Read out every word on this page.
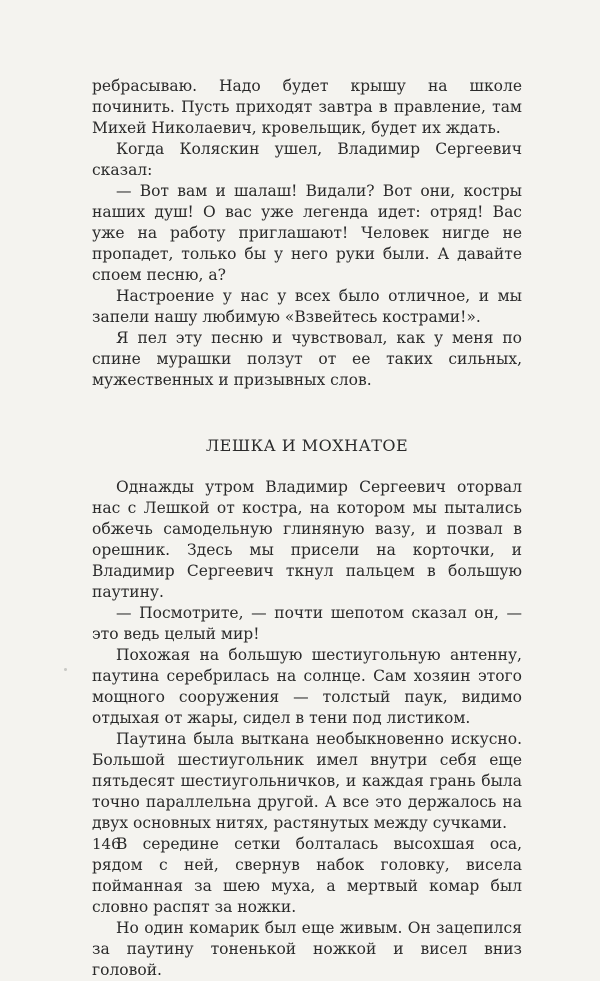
ребрасываю. Надо будет крышу на школе починить. Пусть приходят завтра в правление, там Михей Николаевич, кровельщик, будет их ждать.

Когда Коляскин ушел, Владимир Сергеевич сказал:

— Вот вам и шалаш! Видали? Вот они, костры наших душ! О вас уже легенда идет: отряд! Вас уже на работу приглашают! Человек нигде не пропадет, только бы у него руки были. А давайте споем песню, а?

Настроение у нас у всех было отличное, и мы запели нашу любимую «Взвейтесь кострами!».

Я пел эту песню и чувствовал, как у меня по спине мурашки ползут от ее таких сильных, мужественных и призывных слов.

ЛЕШКА И МОХНАТОЕ

Однажды утром Владимир Сергеевич оторвал нас с Лешкой от костра, на котором мы пытались обжечь самодельную глиняную вазу, и позвал в орешник. Здесь мы присели на корточки, и Владимир Сергеевич ткнул пальцем в большую паутину.

— Посмотрите, — почти шепотом сказал он, — это ведь целый мир!

Похожая на большую шестиугольную антенну, паутина серебрилась на солнце. Сам хозяин этого мощного сооружения — толстый паук, видимо отдыхая от жары, сидел в тени под листиком.

Паутина была выткана необыкновенно искусно. Большой шестиугольник имел внутри себя еще пятьдесят шестиугольничков, и каждая грань была точно параллельна другой. А все это держалось на двух основных нитях, растянутых между сучками.

В середине сетки болталась высохшая оса, рядом с ней, свернув набок головку, висела пойманная за шею муха, а мертвый комар был словно распят за ножки.

Но один комарик был еще живым. Он зацепился за паутину тоненькой ножкой и висел вниз головой.

146
